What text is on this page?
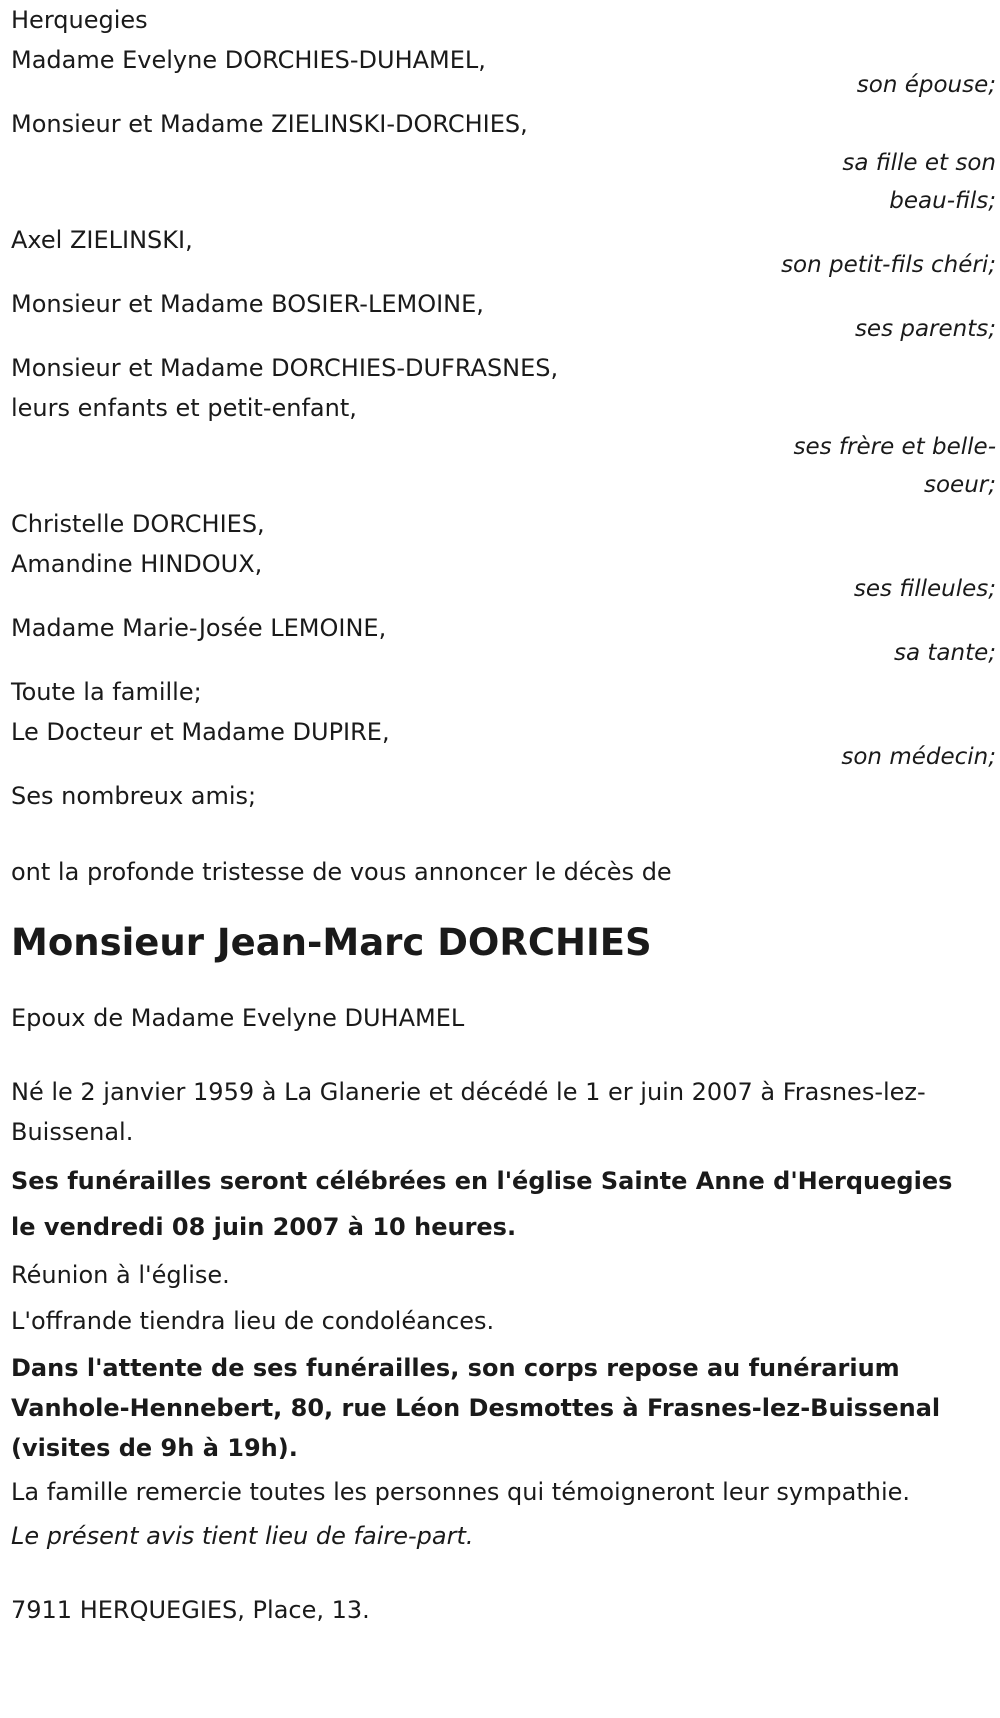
Herquegies
Madame Evelyne DORCHIES-DUHAMEL,
son épouse;
Monsieur et Madame ZIELINSKI-DORCHIES,
sa fille et son beau-fils;
Axel ZIELINSKI,
son petit-fils chéri;
Monsieur et Madame BOSIER-LEMOINE,
ses parents;
Monsieur et Madame DORCHIES-DUFRASNES,
leurs enfants et petit-enfant,
ses frère et belle-soeur;
Christelle DORCHIES,
Amandine HINDOUX,
ses filleules;
Madame Marie-Josée LEMOINE,
sa tante;
Toute la famille;
Le Docteur et Madame DUPIRE,
son médecin;
Ses nombreux amis;
ont la profonde tristesse de vous annoncer le décès de
Monsieur Jean-Marc DORCHIES
Epoux de Madame Evelyne DUHAMEL
Né le 2 janvier 1959 à La Glanerie et décédé le 1 er juin 2007 à Frasnes-lez-Buissenal.
Ses funérailles seront célébrées en l'église Sainte Anne d'Herquegies
le vendredi 08 juin 2007 à 10 heures.
Réunion à l'église.
L'offrande tiendra lieu de condoléances.
Dans l'attente de ses funérailles, son corps repose au funérarium Vanhole-Hennebert, 80, rue Léon Desmottes à Frasnes-lez-Buissenal (visites de 9h à 19h).
La famille remercie toutes les personnes qui témoigneront leur sympathie.
Le présent avis tient lieu de faire-part.
7911 HERQUEGIES, Place, 13.
